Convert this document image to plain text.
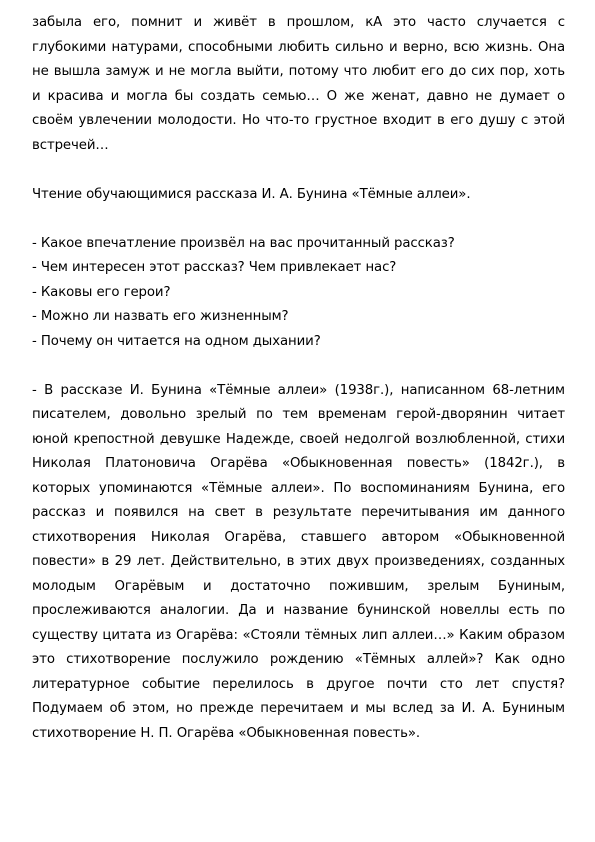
забыла его, помнит и живёт в прошлом, кА это часто случается с глубокими натурами, способными любить сильно и верно, всю жизнь. Она не вышла замуж и не могла выйти, потому что любит его до сих пор, хоть и красива и могла бы создать семью… О же женат, давно не думает о своём увлечении молодости. Но что-то грустное входит в его душу с этой встречей…

Чтение обучающимися рассказа И. А. Бунина «Тёмные аллеи».

- Какое впечатление произвёл на вас прочитанный рассказ?

- Чем интересен этот рассказ? Чем привлекает нас?

- Каковы его герои?

- Можно ли назвать его жизненным?

- Почему он читается на одном дыхании?

- В рассказе И. Бунина «Тёмные аллеи» (1938г.), написанном 68-летним писателем, довольно зрелый по тем временам герой-дворянин читает юной крепостной девушке Надежде, своей недолгой возлюбленной, стихи Николая Платоновича Огарёва «Обыкновенная повесть» (1842г.), в которых упоминаются «Тёмные аллеи». По воспоминаниям Бунина, его рассказ и появился на свет в результате перечитывания им данного стихотворения Николая Огарёва, ставшего автором «Обыкновенной повести» в 29 лет. Действительно, в этих двух произведениях, созданных молодым Огарёвым и достаточно пожившим, зрелым Буниным, прослеживаются аналогии. Да и название бунинской новеллы есть по существу цитата из Огарёва: «Стояли тёмных лип аллеи…» Каким образом это стихотворение послужило рождению «Тёмных аллей»? Как одно литературное событие перелилось в другое почти сто лет спустя? Подумаем об этом, но прежде перечитаем и мы вслед за И. А. Буниным стихотворение Н. П. Огарёва «Обыкновенная повесть».
